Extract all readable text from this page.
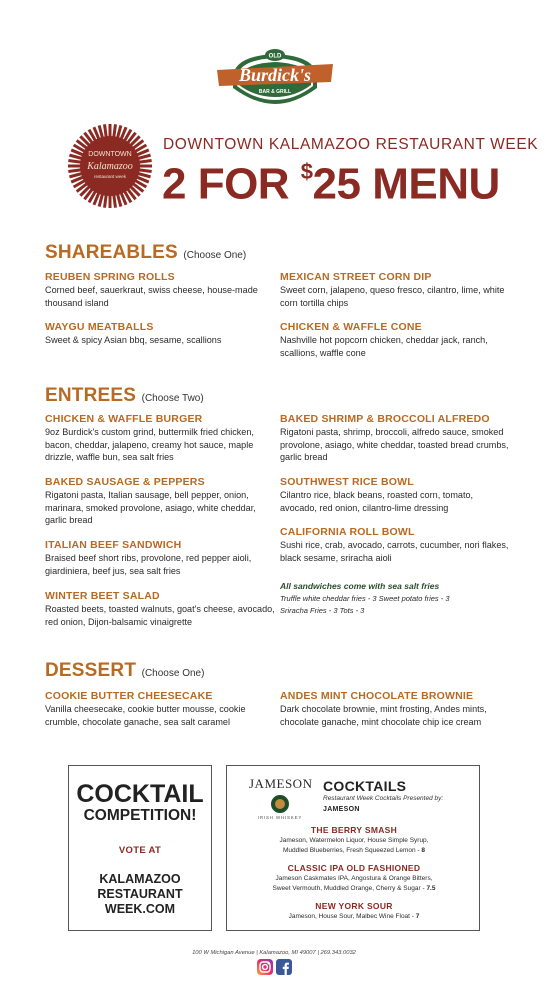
OLD
Burdick's
BAR & GRILL
DOWNTOWN
Kalamazoo
restaurant week
DOWNTOWN KALAMAZOO RESTAURANT WEEK
2 FOR $25 MENU
SHAREABLES (Choose One)
REUBEN SPRING ROLLS
Corned beef, sauerkraut, swiss cheese, house-made thousand island
WAYGU MEATBALLS
Sweet & spicy Asian bbq, sesame, scallions
MEXICAN STREET CORN DIP
Sweet corn, jalapeno, queso fresco, cilantro, lime, white corn tortilla chips
CHICKEN & WAFFLE CONE
Nashville hot popcorn chicken, cheddar jack, ranch, scallions, waffle cone
ENTREES (Choose Two)
CHICKEN & WAFFLE BURGER
9oz Burdick's custom grind, buttermilk fried chicken, bacon, cheddar, jalapeno, creamy hot sauce, maple drizzle, waffle bun, sea salt fries
BAKED SAUSAGE & PEPPERS
Rigatoni pasta, Italian sausage, bell pepper, onion, marinara, smoked provolone, asiago, white cheddar, garlic bread
ITALIAN BEEF SANDWICH
Braised beef short ribs, provolone, red pepper aioli, giardiniera, beef jus, sea salt fries
WINTER BEET SALAD
Roasted beets, toasted walnuts, goat's cheese, avocado, red onion, Dijon-balsamic vinaigrette
BAKED SHRIMP & BROCCOLI ALFREDO
Rigatoni pasta, shrimp, broccoli, alfredo sauce, smoked provolone, asiago, white cheddar, toasted bread crumbs, garlic bread
SOUTHWEST RICE BOWL
Cilantro rice, black beans, roasted corn, tomato, avocado, red onion, cilantro-lime dressing
CALIFORNIA ROLL BOWL
Sushi rice, crab, avocado, carrots, cucumber, nori flakes, black sesame, sriracha aioli
All sandwiches come with sea salt fries
Truffle white cheddar fries - 3 Sweet potato fries - 3
Sriracha Fries - 3 Tots - 3
DESSERT (Choose One)
COOKIE BUTTER CHEESECAKE
Vanilla cheesecake, cookie butter mousse, cookie crumble, chocolate ganache, sea salt caramel
ANDES MINT CHOCOLATE BROWNIE
Dark chocolate brownie, mint frosting, Andes mints, chocolate ganache, mint chocolate chip ice cream
COCKTAIL
COMPETITION!
VOTE AT
KALAMAZOO
RESTAURANT
WEEK.COM
JAMESON
IRISH WHISKEY
COCKTAILS
Restaurant Week Cocktails Presented by:
JAMESON
THE BERRY SMASH
Jameson, Watermelon Liquor, House Simple Syrup,
Muddled Blueberries, Fresh Squeezed Lemon - 8
CLASSIC IPA OLD FASHIONED
Jameson Caskmates IPA, Angostura & Orange Bitters,
Sweet Vermouth, Muddled Orange, Cherry & Sugar - 7.5
NEW YORK SOUR
Jameson, House Sour, Malbec Wine Float - 7
100 W Michigan Avenue | Kalamazoo, MI 49007 | 269.343.0032
